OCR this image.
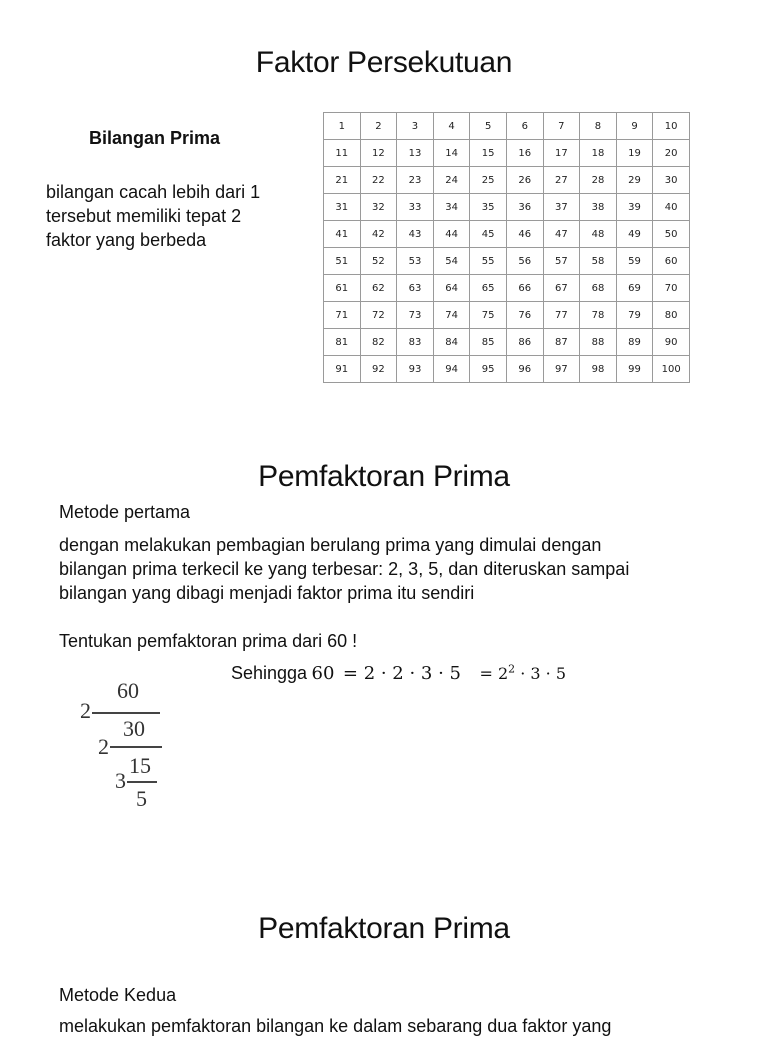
Faktor Persekutuan
Bilangan Prima
bilangan cacah lebih dari 1
tersebut memiliki tepat 2
faktor yang berbeda
1	2	3	4	5	6	7	8	9	10
11	12	13	14	15	16	17	18	19	20
21	22	23	24	25	26	27	28	29	30
31	32	33	34	35	36	37	38	39	40
41	42	43	44	45	46	47	48	49	50
51	52	53	54	55	56	57	58	59	60
61	62	63	64	65	66	67	68	69	70
71	72	73	74	75	76	77	78	79	80
81	82	83	84	85	86	87	88	89	90
91	92	93	94	95	96	97	98	99	100
Pemfaktoran Prima
Metode pertama
dengan melakukan pembagian berulang prima yang dimulai dengan
bilangan prima terkecil ke yang terbesar: 2, 3, 5, dan diteruskan sampai
bilangan yang dibagi menjadi faktor prima itu sendiri
Tentukan pemfaktoran prima dari 60 !
Sehingga $60 = 2 \cdot 2 \cdot 3 \cdot 5 = 2^2 \cdot 3 \cdot 5$
2
60
2
30
3
15
5
Pemfaktoran Prima
Metode Kedua
melakukan pemfaktoran bilangan ke dalam sebarang dua faktor yang
